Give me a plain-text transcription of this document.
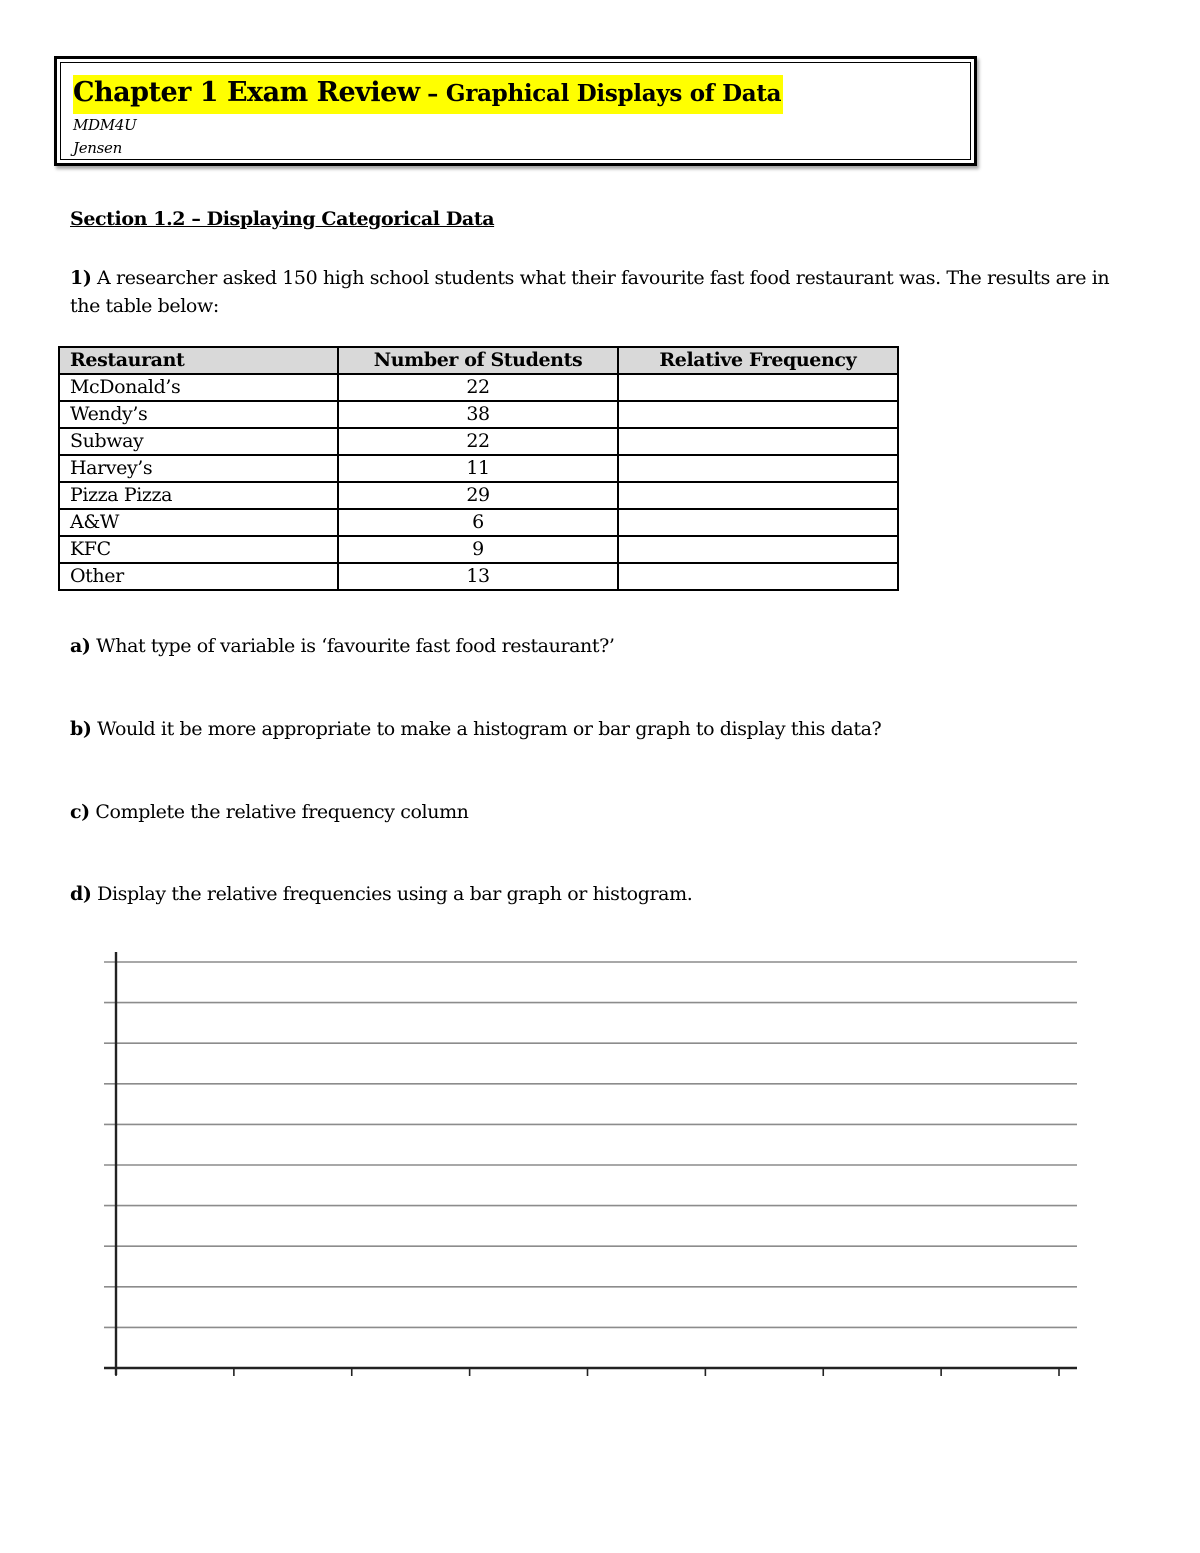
Chapter 1 Exam Review – Graphical Displays of Data
MDM4U
Jensen
Section 1.2 – Displaying Categorical Data
1) A researcher asked 150 high school students what their favourite fast food restaurant was. The results are in the table below:
Restaurant	Number of Students	Relative Frequency
McDonald’s	22	
Wendy’s	38	
Subway	22	
Harvey’s	11	
Pizza Pizza	29	
A&W	6	
KFC	9	
Other	13	
a) What type of variable is ‘favourite fast food restaurant?’
b) Would it be more appropriate to make a histogram or bar graph to display this data?
c) Complete the relative frequency column
d) Display the relative frequencies using a bar graph or histogram.
